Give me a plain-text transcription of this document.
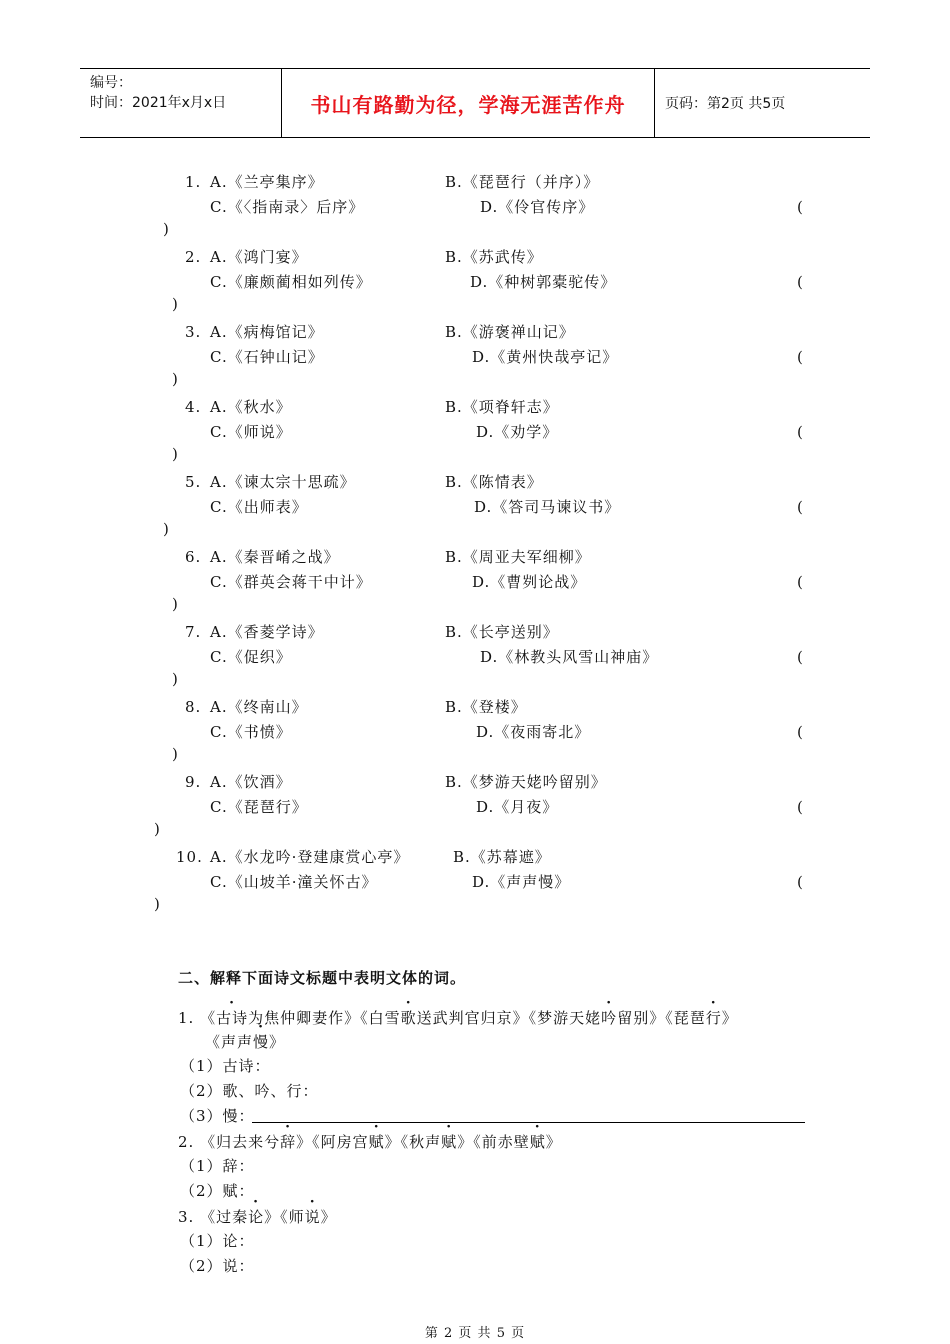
编号：
时间：2021年x月x日	书山有路勤为径，学海无涯苦作舟	页码：第2页 共5页
1. A.《兰亭集序》	B.《琵琶行（并序）》
C.《〈指南录〉后序》	D.《伶官传序》	(
)
2. A.《鸿门宴》	B.《苏武传》
C.《廉颇蔺相如列传》	D.《种树郭橐驼传》	(
)
3. A.《病梅馆记》	B.《游褒禅山记》
C.《石钟山记》	D.《黄州快哉亭记》	(
)
4. A.《秋水》	B.《项脊轩志》
C.《师说》	D.《劝学》	(
)
5. A.《谏太宗十思疏》	B.《陈情表》
C.《出师表》	D.《答司马谏议书》	(
)
6. A.《秦晋崤之战》	B.《周亚夫军细柳》
C.《群英会蒋干中计》	D.《曹刿论战》	(
)
7. A.《香菱学诗》	B.《长亭送别》
C.《促织》	D.《林教头风雪山神庙》	(
)
8. A.《终南山》	B.《登楼》
C.《书愤》	D.《夜雨寄北》	(
)
9. A.《饮酒》	B.《梦游天姥吟留别》
C.《琵琶行》	D.《月夜》	(
)
10. A.《水龙吟·登建康赏心亭》	B.《苏幕遮》
C.《山坡羊·潼关怀古》	D.《声声慢》	(
)
二、解释下面诗文标题中表明文体的词。
1. 《古诗为焦仲卿妻作》《白雪歌送武判官归京》《梦游天姥吟留别》《琵琶行》
《声声慢》
（1）古诗：
（2）歌、吟、行：
（3）慢：
2. 《归去来兮辞》《阿房宫赋》《秋声赋》《前赤壁赋》
（1）辞：
（2）赋：
3. 《过秦论》《师说》
（1）论：
（2）说：
第 2 页 共 5 页
